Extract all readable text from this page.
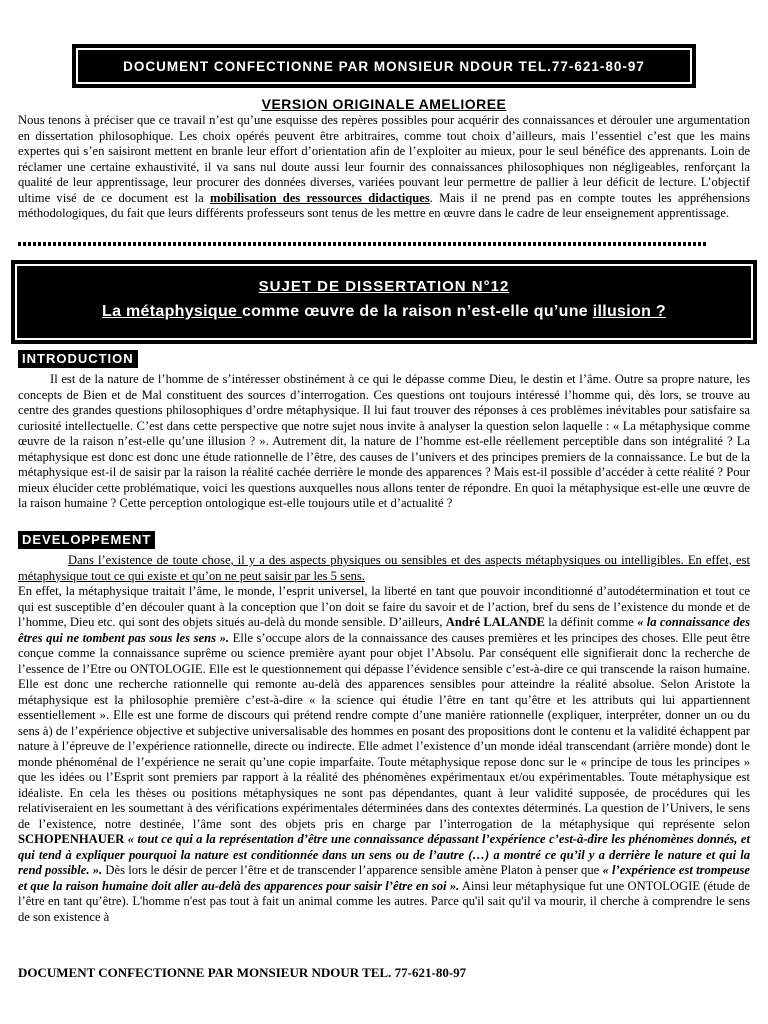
DOCUMENT CONFECTIONNE PAR MONSIEUR NDOUR TEL.77-621-80-97
VERSION ORIGINALE AMELIOREE
Nous tenons à préciser que ce travail n’est qu’une esquisse des repères possibles pour acquérir des connaissances et dérouler une argumentation en dissertation philosophique. Les choix opérés peuvent être arbitraires, comme tout choix d’ailleurs, mais l’essentiel c’est que les mains expertes qui s’en saisiront mettent en branle leur effort d’orientation afin de l’exploiter au mieux, pour le seul bénéfice des apprenants. Loin de réclamer une certaine exhaustivité, il va sans nul doute aussi leur fournir des connaissances philosophiques non négligeables, renforçant la qualité de leur apprentissage, leur procurer des données diverses, variées pouvant leur permettre de pallier à leur déficit de lecture. L’objectif ultime visé de ce document est la mobilisation des ressources didactiques. Mais il ne prend pas en compte toutes les appréhensions méthodologiques, du fait que leurs différents professeurs sont tenus de les mettre en œuvre dans le cadre de leur enseignement apprentissage.
SUJET DE DISSERTATION N°12
La métaphysique comme œuvre de la raison n’est-elle qu’une illusion ?
INTRODUCTION
Il est de la nature de l’homme de s’intéresser obstinément à ce qui le dépasse comme Dieu, le destin et l’âme. Outre sa propre nature, les concepts de Bien et de Mal constituent des sources d’interrogation. Ces questions ont toujours intéressé l’homme qui, dès lors, se trouve au centre des grandes questions philosophiques d’ordre métaphysique. Il lui faut trouver des réponses à ces problèmes inévitables pour satisfaire sa curiosité intellectuelle. C’est dans cette perspective que notre sujet nous invite à analyser la question selon laquelle : « La métaphysique comme œuvre de la raison n’est-elle qu’une illusion ? ». Autrement dit, la nature de l’homme est-elle réellement perceptible dans son intégralité ? La métaphysique est donc est donc une étude rationnelle de l’être, des causes de l’univers et des principes premiers de la connaissance. Le but de la métaphysique est-il de saisir par la raison la réalité cachée derrière le monde des apparences ? Mais est-il possible d’accéder à cette réalité ? Pour mieux élucider cette problématique, voici les questions auxquelles nous allons tenter de répondre. En quoi la métaphysique est-elle une œuvre de la raison humaine ? Cette perception ontologique est-elle toujours utile et d’actualité ?
DEVELOPPEMENT
Dans l’existence de toute chose, il y a des aspects physiques ou sensibles et des aspects métaphysiques ou intelligibles. En effet, est métaphysique tout ce qui existe et qu’on ne peut saisir par les 5 sens.
En effet, la métaphysique traitait l’âme, le monde, l’esprit universel, la liberté en tant que pouvoir inconditionné d’autodétermination et tout ce qui est susceptible d’en découler quant à la conception que l’on doit se faire du savoir et de l’action, bref du sens de l’existence du monde et de l’homme, Dieu etc. qui sont des objets situés au-delà du monde sensible. D’ailleurs, André LALANDE la définit comme « la connaissance des êtres qui ne tombent pas sous les sens ». Elle s’occupe alors de la connaissance des causes premières et les principes des choses. Elle peut être conçue comme la connaissance suprême ou science première ayant pour objet l’Absolu. Par conséquent elle signifierait donc la recherche de l’essence de l’Etre ou ONTOLOGIE. Elle est le questionnement qui dépasse l’évidence sensible c’est-à-dire ce qui transcende la raison humaine. Elle est donc une recherche rationnelle qui remonte au-delà des apparences sensibles pour atteindre la réalité absolue. Selon Aristote la métaphysique est la philosophie première c’est-à-dire « la science qui étudie l’être en tant qu’être et les attributs qui lui appartiennent essentiellement ». Elle est une forme de discours qui prétend rendre compte d’une manière rationnelle (expliquer, interpréter, donner un ou du sens à) de l’expérience objective et subjective universalisable des hommes en posant des propositions dont le contenu et la validité échappent par nature à l’épreuve de l’expérience rationnelle, directe ou indirecte. Elle admet l’existence d’un monde idéal transcendant (arrière monde) dont le monde phénoménal de l’expérience ne serait qu’une copie imparfaite. Toute métaphysique repose donc sur le « principe de tous les principes » que les idées ou l’Esprit sont premiers par rapport à la réalité des phénomènes expérimentaux et/ou expérimentables. Toute métaphysique est idéaliste. En cela les thèses ou positions métaphysiques ne sont pas dépendantes, quant à leur validité supposée, de procédures qui les relativiseraient en les soumettant à des vérifications expérimentales déterminées dans des contextes déterminés. La question de l’Univers, le sens de l’existence, notre destinée, l’âme sont des objets pris en charge par l’interrogation de la métaphysique qui représente selon SCHOPENHAUER « tout ce qui a la représentation d’être une connaissance dépassant l’expérience c’est-à-dire les phénomènes donnés, et qui tend à expliquer pourquoi la nature est conditionnée dans un sens ou de l’autre (…) a montré ce qu’il y a derrière le nature et qui la rend possible. ». Dès lors le désir de percer l’être et de transcender l’apparence sensible amène Platon à penser que « l’expérience est trompeuse et que la raison humaine doit aller au-delà des apparences pour saisir l’être en soi ». Ainsi leur métaphysique fut une ONTOLOGIE (étude de l’être en tant qu’être). L'homme n'est pas tout à fait un animal comme les autres. Parce qu'il sait qu'il va mourir, il cherche à comprendre le sens de son existence à
DOCUMENT CONFECTIONNE PAR MONSIEUR NDOUR TEL. 77-621-80-97
